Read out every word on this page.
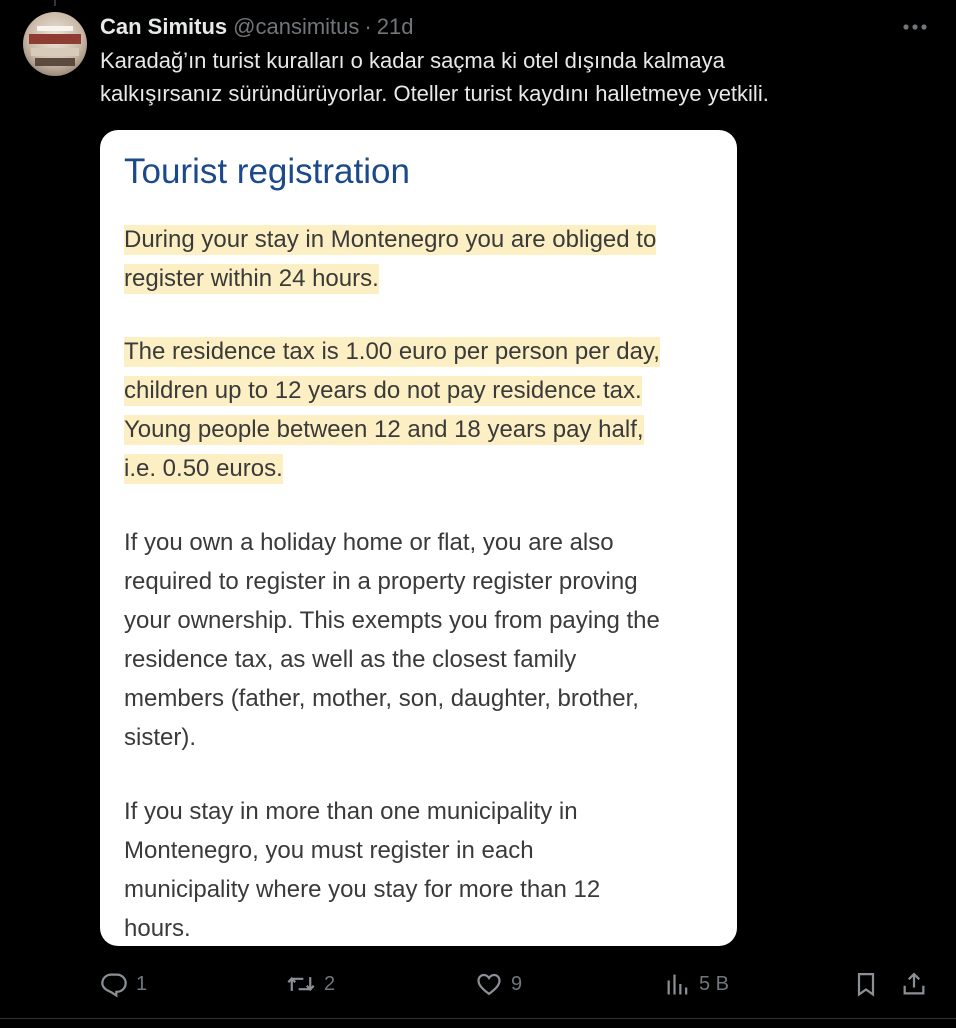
Can Simitus @cansimitus · 21d
Karadağ’ın turist kuralları o kadar saçma ki otel dışında kalmaya
kalkışırsanız süründürüyorlar. Oteller turist kaydını halletmeye yetkili.
Tourist registration
During your stay in Montenegro you are obliged to
register within 24 hours.
The residence tax is 1.00 euro per person per day,
children up to 12 years do not pay residence tax.
Young people between 12 and 18 years pay half,
i.e. 0.50 euros.
If you own a holiday home or flat, you are also
required to register in a property register proving
your ownership. This exempts you from paying the
residence tax, as well as the closest family
members (father, mother, son, daughter, brother,
sister).
If you stay in more than one municipality in
Montenegro, you must register in each
municipality where you stay for more than 12
hours.
1	2	9	5 B
